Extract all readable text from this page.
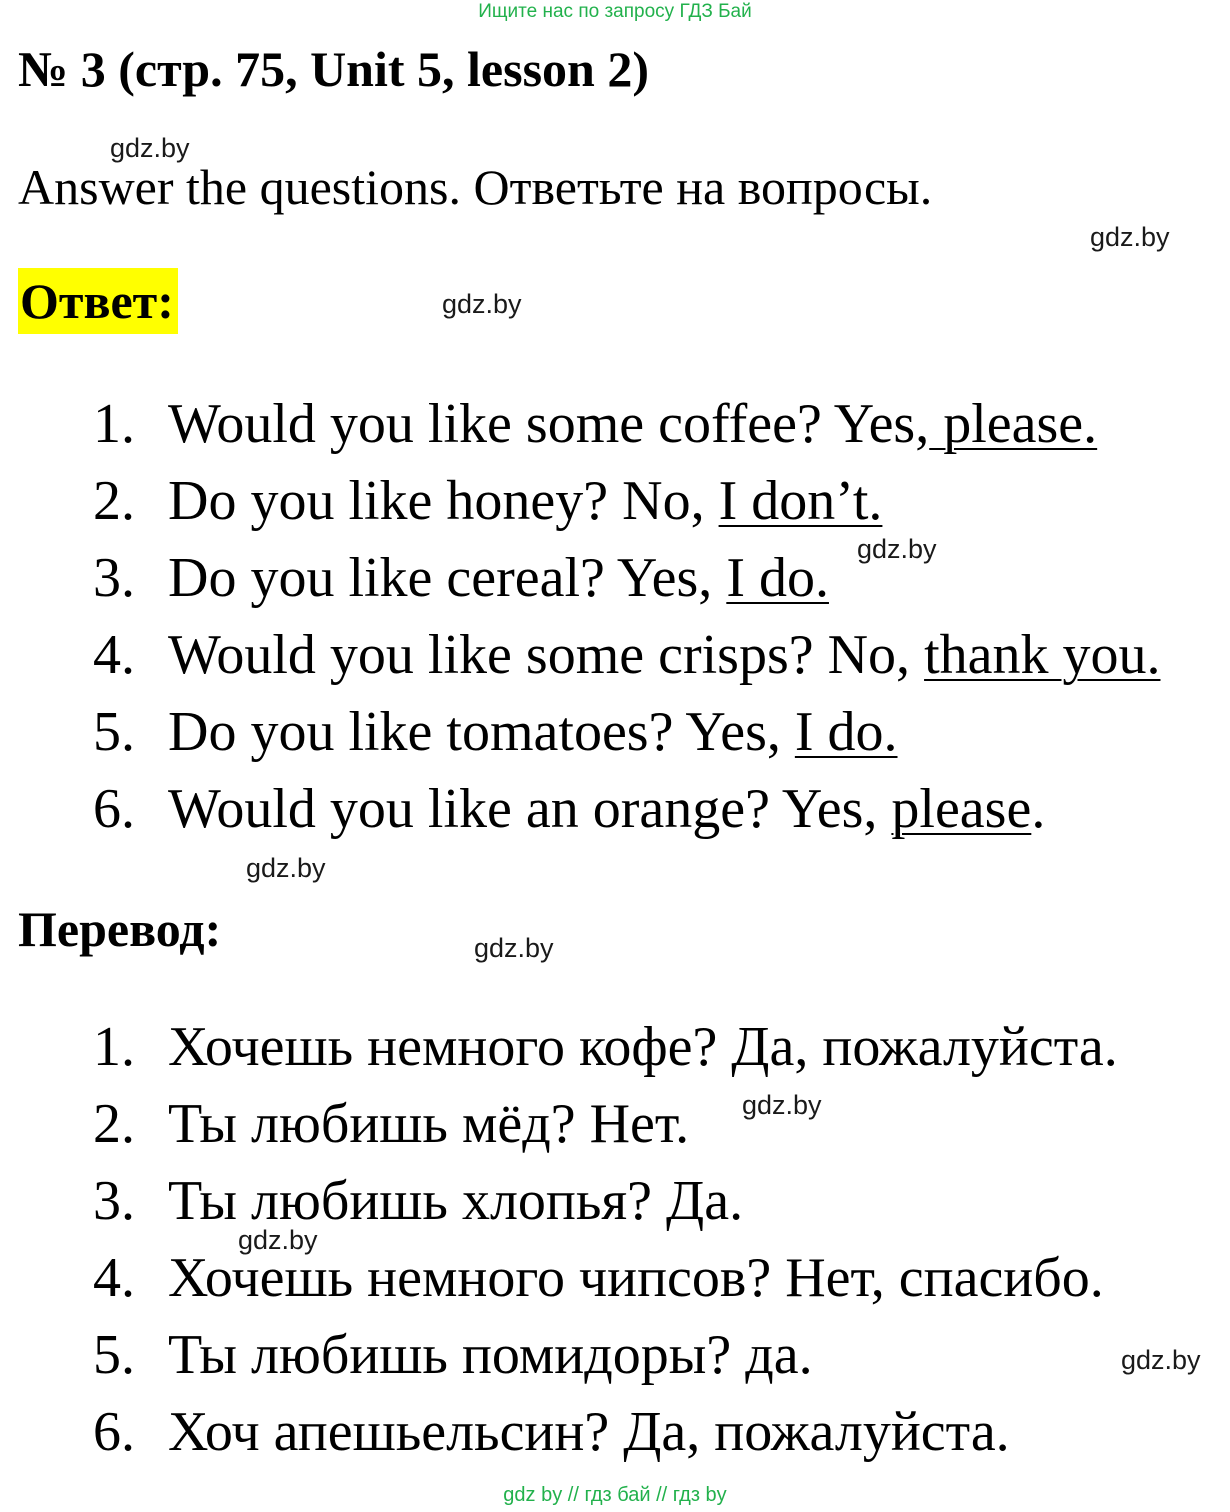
Ищите нас по запросу ГДЗ Бай
№ 3 (стр. 75, Unit 5, lesson 2)
gdz.by
Answer the questions. Ответьте на вопросы.
gdz.by
Ответ:	gdz.by
1. Would you like some coffee? Yes, please.
2. Do you like honey? No, I don’t.
3. Do you like cereal? Yes, I do.
4. Would you like some crisps? No, thank you.
5. Do you like tomatoes? Yes, I do.
6. Would you like an orange? Yes, please.
gdz.by
gdz.by
Перевод:	gdz.by
1. Хочешь немного кофе? Да, пожалуйста.
2. Ты любишь мёд? Нет.
3. Ты любишь хлопья? Да.
4. Хочешь немного чипсов? Нет, спасибо.
5. Ты любишь помидоры? да.
6. Хоч апешьельсин? Да, пожалуйста.
gdz.by
gdz.by
gdz.by
gdz by // гдз бай // гдз by
